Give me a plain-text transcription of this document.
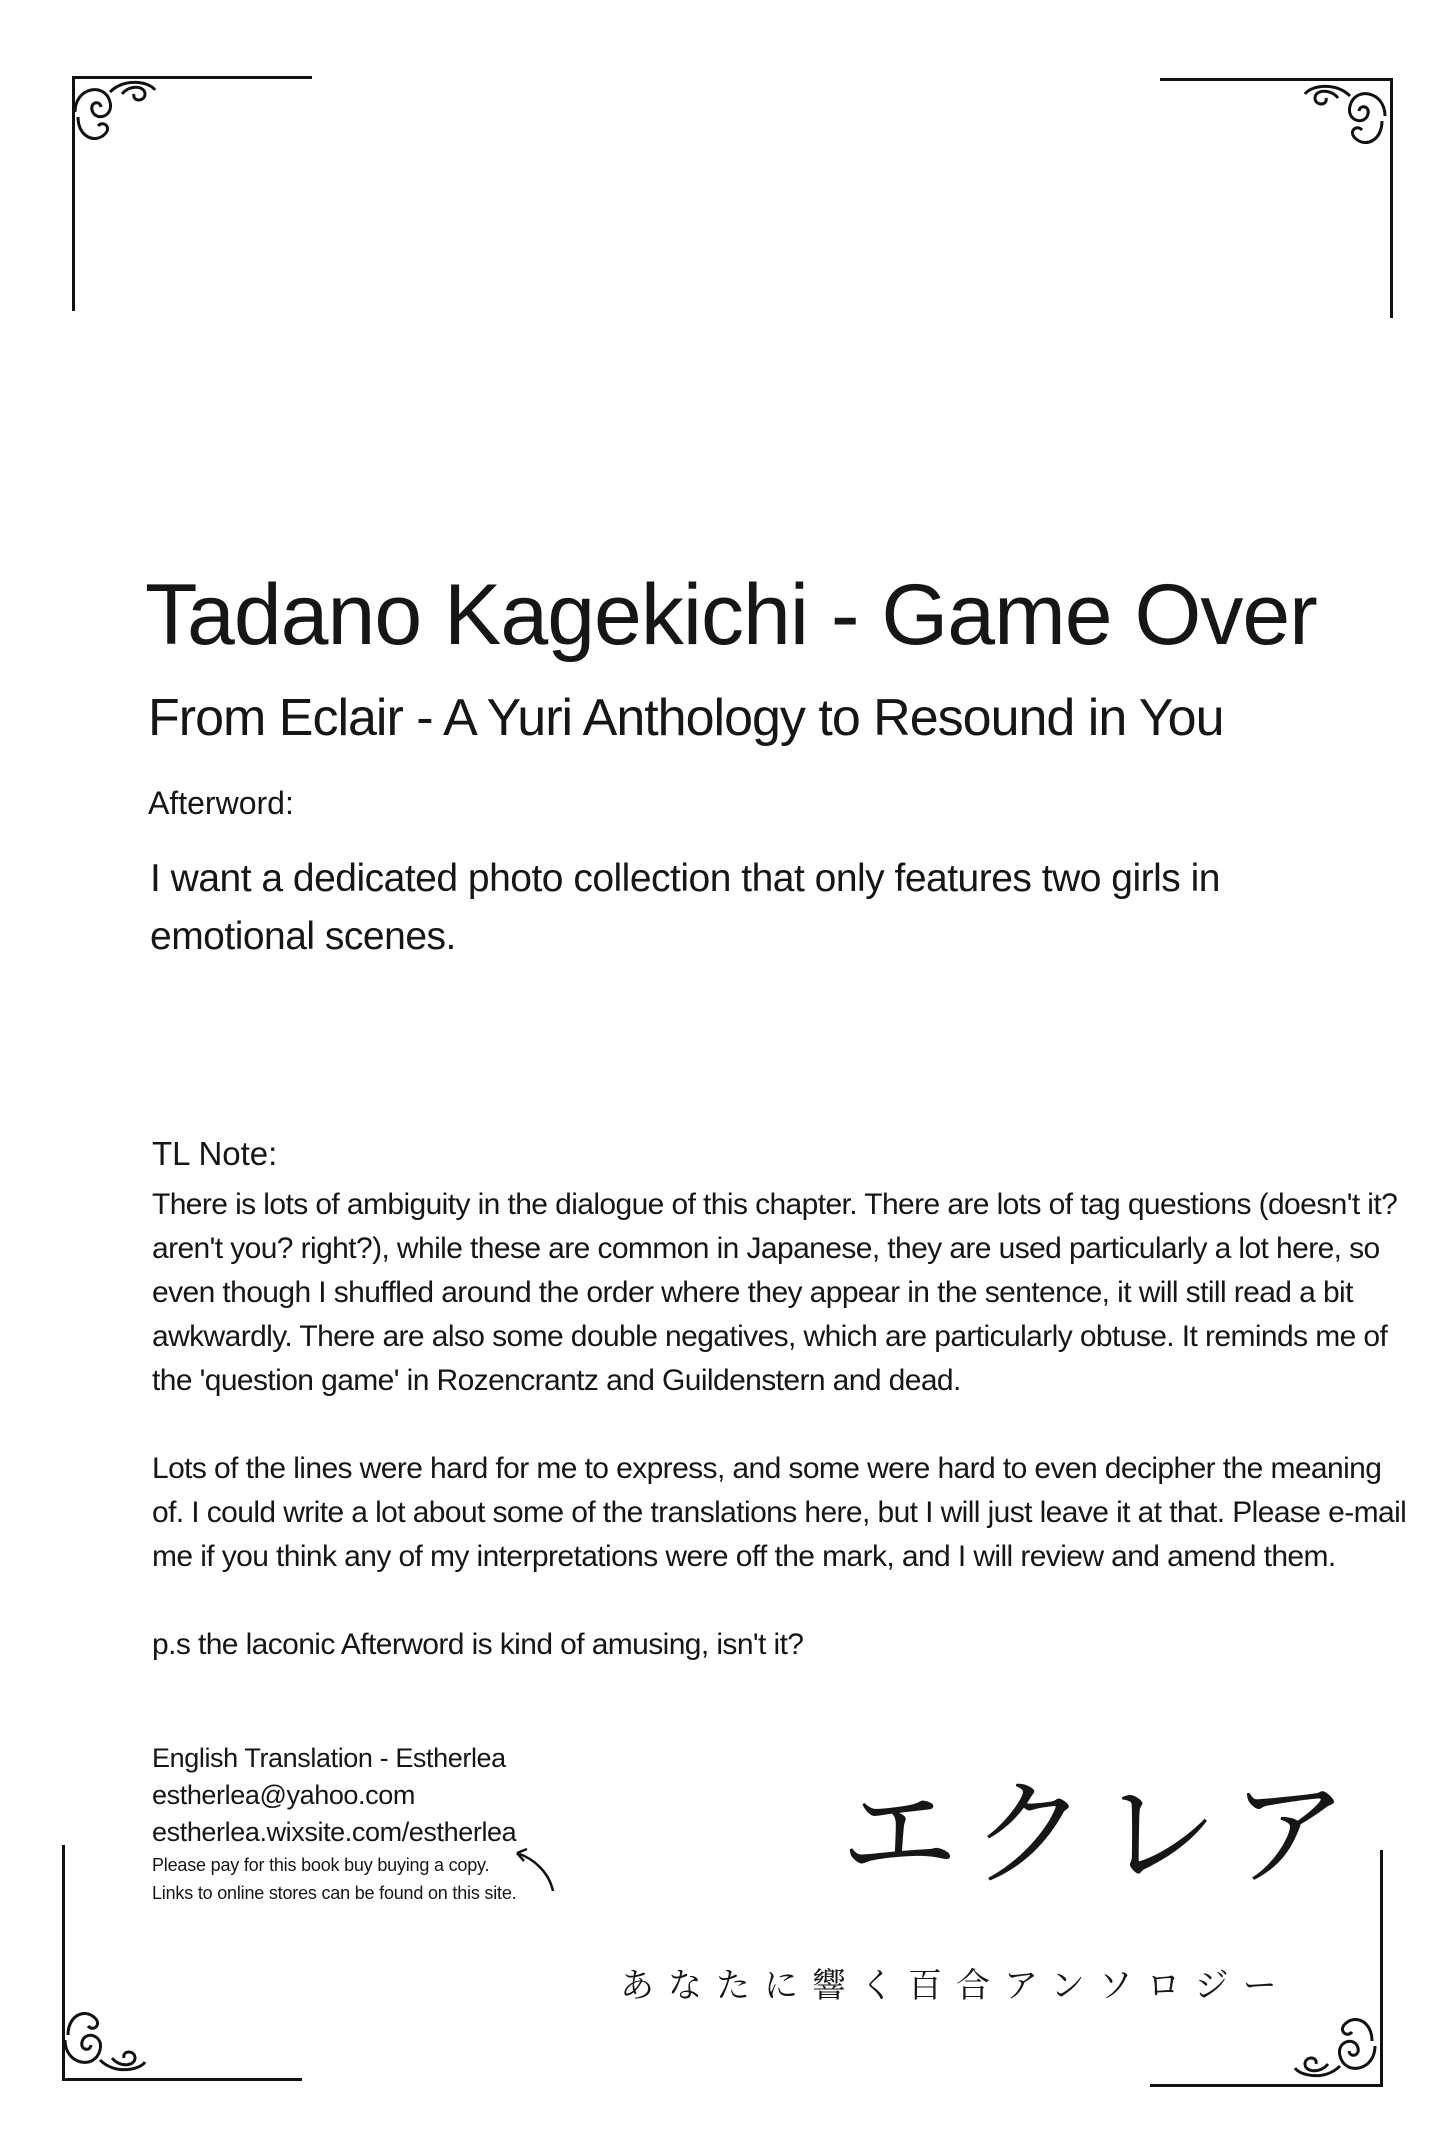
Tadano Kagekichi - Game Over
From Eclair - A Yuri Anthology to Resound in You
Afterword:
I want a dedicated photo collection that only features two girls in emotional scenes.
TL Note:

There is lots of ambiguity in the dialogue of this chapter. There are lots of tag questions (doesn't it? aren't you? right?), while these are common in Japanese, they are used particularly a lot here, so even though I shuffled around the order where they appear in the sentence, it will still read a bit awkwardly. There are also some double negatives, which are particularly obtuse. It reminds me of the 'question game' in Rozencrantz and Guildenstern and dead.

Lots of the lines were hard for me to express, and some were hard to even decipher the meaning of. I could write a lot about some of the translations here, but I will just leave it at that. Please e-mail me if you think any of my interpretations were off the mark, and I will review and amend them.

p.s the laconic Afterword is kind of amusing, isn't it?

English Translation - Estherlea
estherlea@yahoo.com
estherlea.wixsite.com/estherlea
Please pay for this book buy buying a copy.
Links to online stores can be found on this site.	エクレア
あなたに響く百合アンソロジー
